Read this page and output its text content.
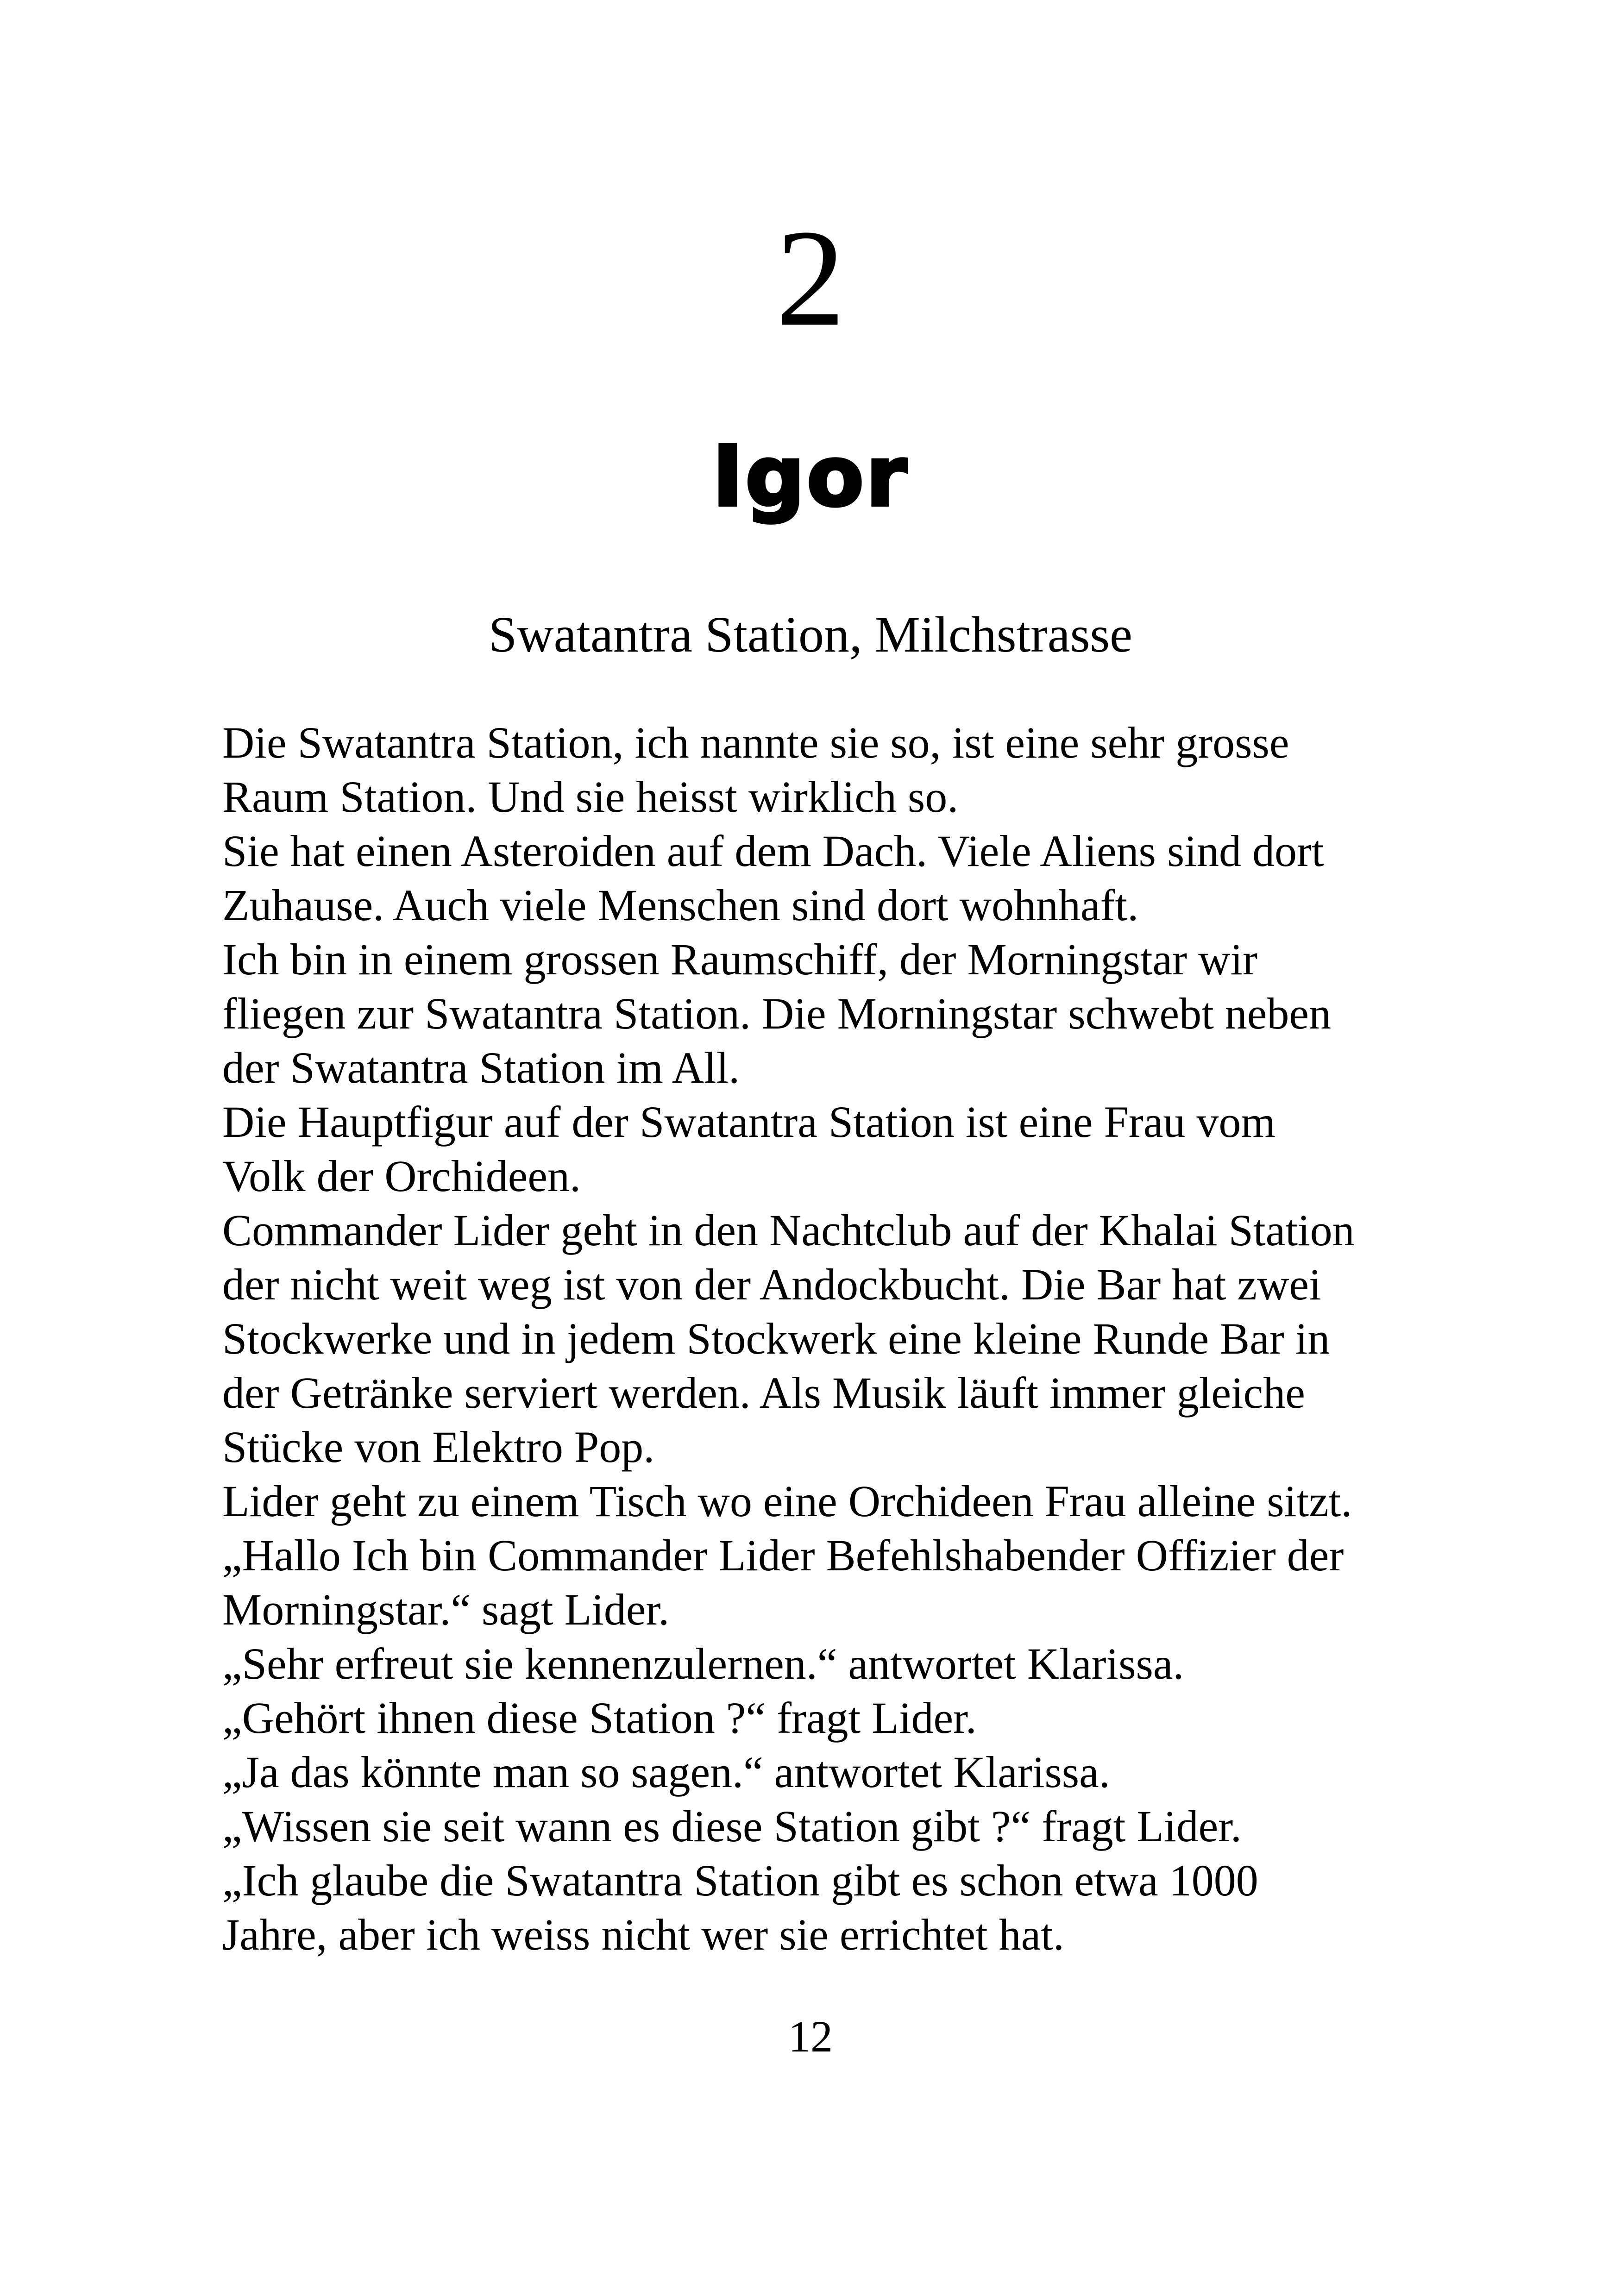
2
Igor
Swatantra Station, Milchstrasse
Die Swatantra Station, ich nannte sie so, ist eine sehr grosse
Raum Station. Und sie heisst wirklich so.
Sie hat einen Asteroiden auf dem Dach. Viele Aliens sind dort
Zuhause. Auch viele Menschen sind dort wohnhaft.
Ich bin in einem grossen Raumschiff, der Morningstar wir
fliegen zur Swatantra Station. Die Morningstar schwebt neben
der Swatantra Station im All.
Die Hauptfigur auf der Swatantra Station ist eine Frau vom
Volk der Orchideen.
Commander Lider geht in den Nachtclub auf der Khalai Station
der nicht weit weg ist von der Andockbucht. Die Bar hat zwei
Stockwerke und in jedem Stockwerk eine kleine Runde Bar in
der Getränke serviert werden. Als Musik läuft immer gleiche
Stücke von Elektro Pop.
Lider geht zu einem Tisch wo eine Orchideen Frau alleine sitzt.
„Hallo Ich bin Commander Lider Befehlshabender Offizier der
Morningstar.“ sagt Lider.
„Sehr erfreut sie kennenzulernen.“ antwortet Klarissa.
„Gehört ihnen diese Station ?“ fragt Lider.
„Ja das könnte man so sagen.“ antwortet Klarissa.
„Wissen sie seit wann es diese Station gibt ?“ fragt Lider.
„Ich glaube die Swatantra Station gibt es schon etwa 1000
Jahre, aber ich weiss nicht wer sie errichtet hat.
12
